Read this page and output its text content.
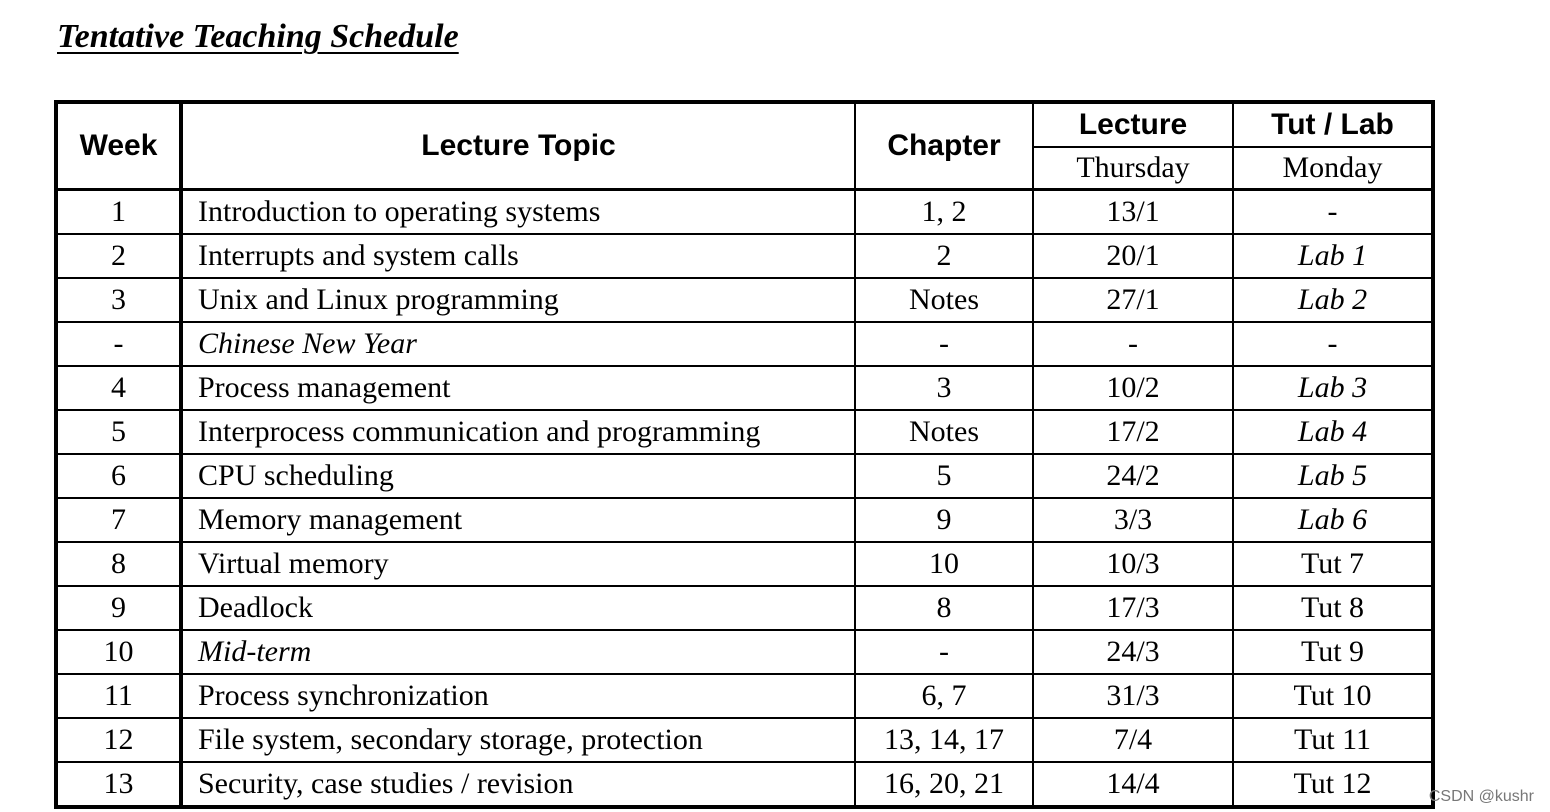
Tentative Teaching Schedule
Week	Lecture Topic	Chapter	Lecture	Tut / Lab
			Thursday	Monday
1	Introduction to operating systems	1, 2	13/1	-
2	Interrupts and system calls	2	20/1	Lab 1
3	Unix and Linux programming	Notes	27/1	Lab 2
-	Chinese New Year	-	-	-
4	Process management	3	10/2	Lab 3
5	Interprocess communication and programming	Notes	17/2	Lab 4
6	CPU scheduling	5	24/2	Lab 5
7	Memory management	9	3/3	Lab 6
8	Virtual memory	10	10/3	Tut 7
9	Deadlock	8	17/3	Tut 8
10	Mid-term	-	24/3	Tut 9
11	Process synchronization	6, 7	31/3	Tut 10
12	File system, secondary storage, protection	13, 14, 17	7/4	Tut 11
13	Security, case studies / revision	16, 20, 21	14/4	Tut 12	CSDN @kushr
